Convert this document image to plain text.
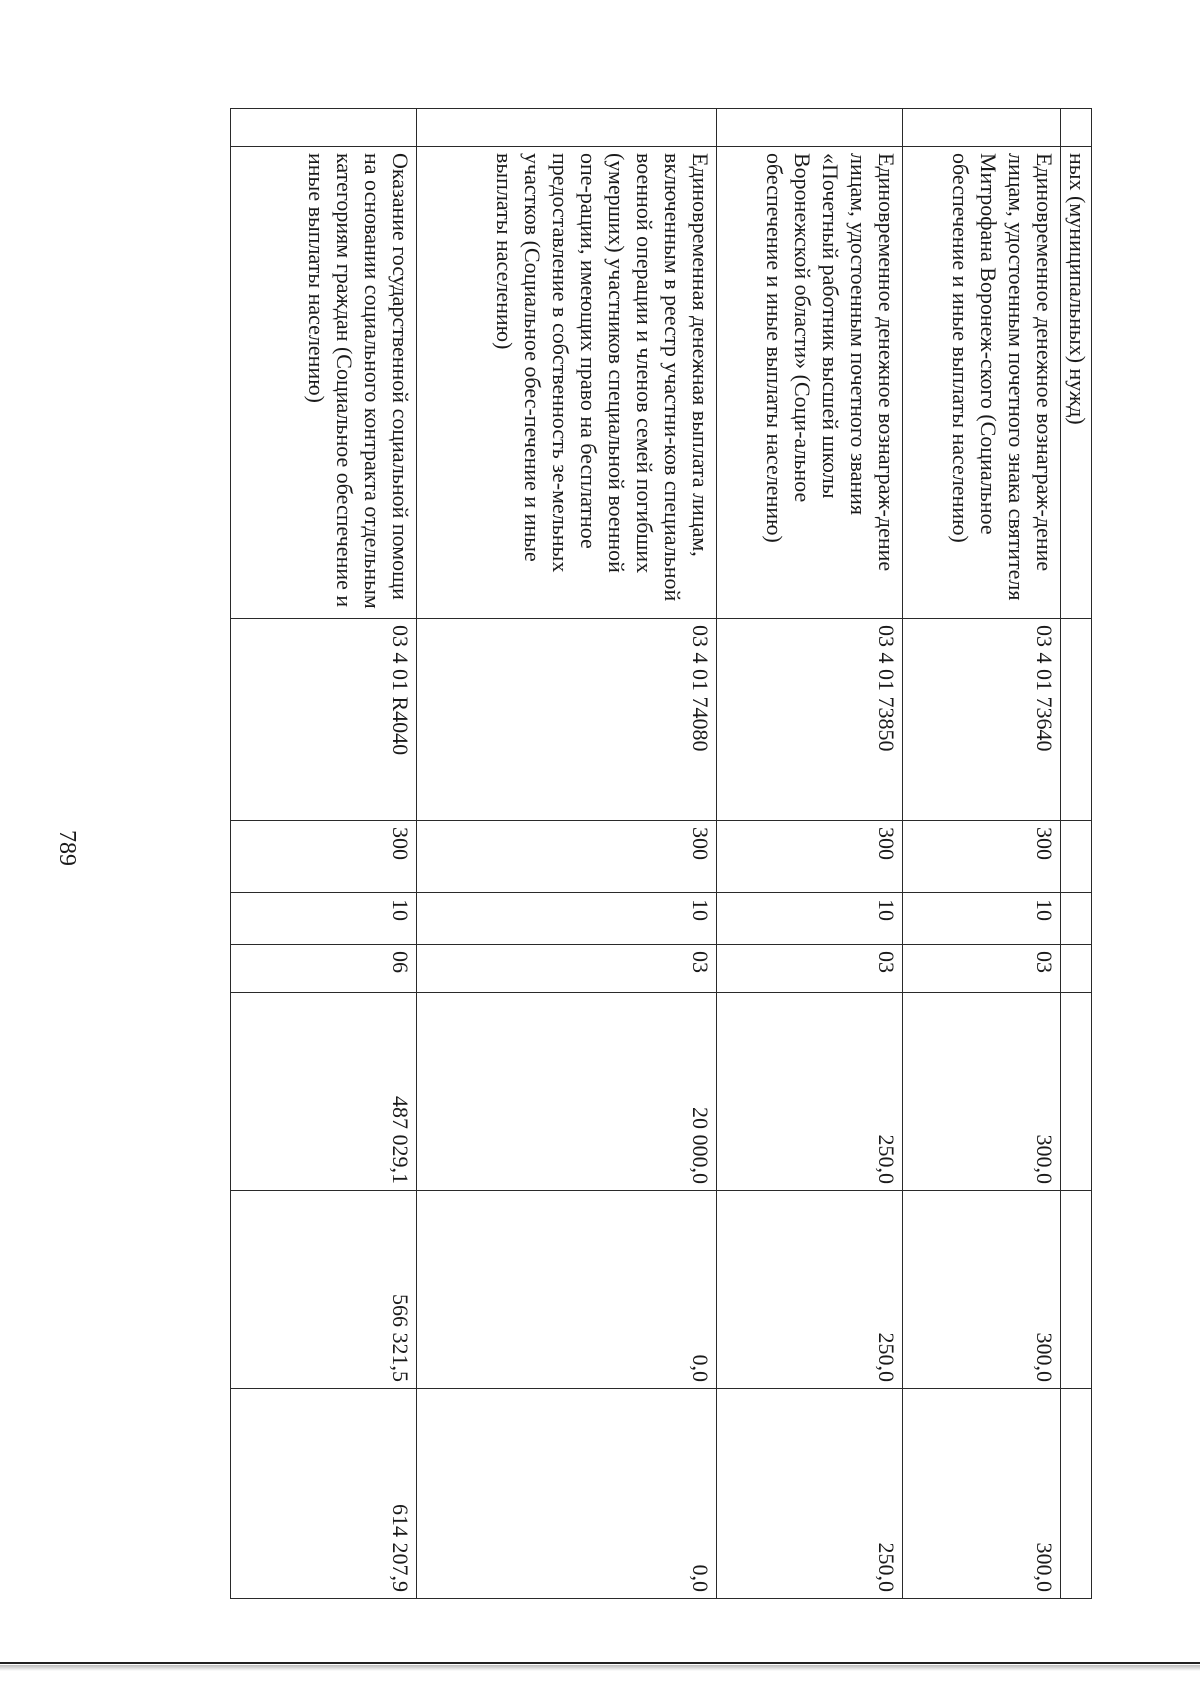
789
	ных (муниципальных) нужд)							
	Единовременное денежное вознаграж-дение лицам, удостоенным почетного знака святителя Митрофана Воронеж-ского (Социальное обеспечение и иные выплаты населению)	03 4 01 73640	300	10	03	300,0	300,0	300,0
	Единовременное денежное вознаграж-дение лицам, удостоенным почетного звания «Почетный работник высшей школы Воронежской области» (Соци-альное обеспечение и иные выплаты населению)	03 4 01 73850	300	10	03	250,0	250,0	250,0
	Единовременная денежная выплата лицам, включенным в реестр участни-ков специальной военной операции и членов семей погибших (умерших) участников специальной военной опе-рации, имеющих право на бесплатное предоставление в собственность зе-мельных участков (Социальное обес-печение и иные выплаты населению)	03 4 01 74080	300	10	03	20 000,0	0,0	0,0
	Оказание государственной социальной помощи на основании социального контракта отдельным категориям граждан (Социальное обеспечение и иные выплаты населению)	03 4 01 R4040	300	10	06	487 029,1	566 321,5	614 207,9
